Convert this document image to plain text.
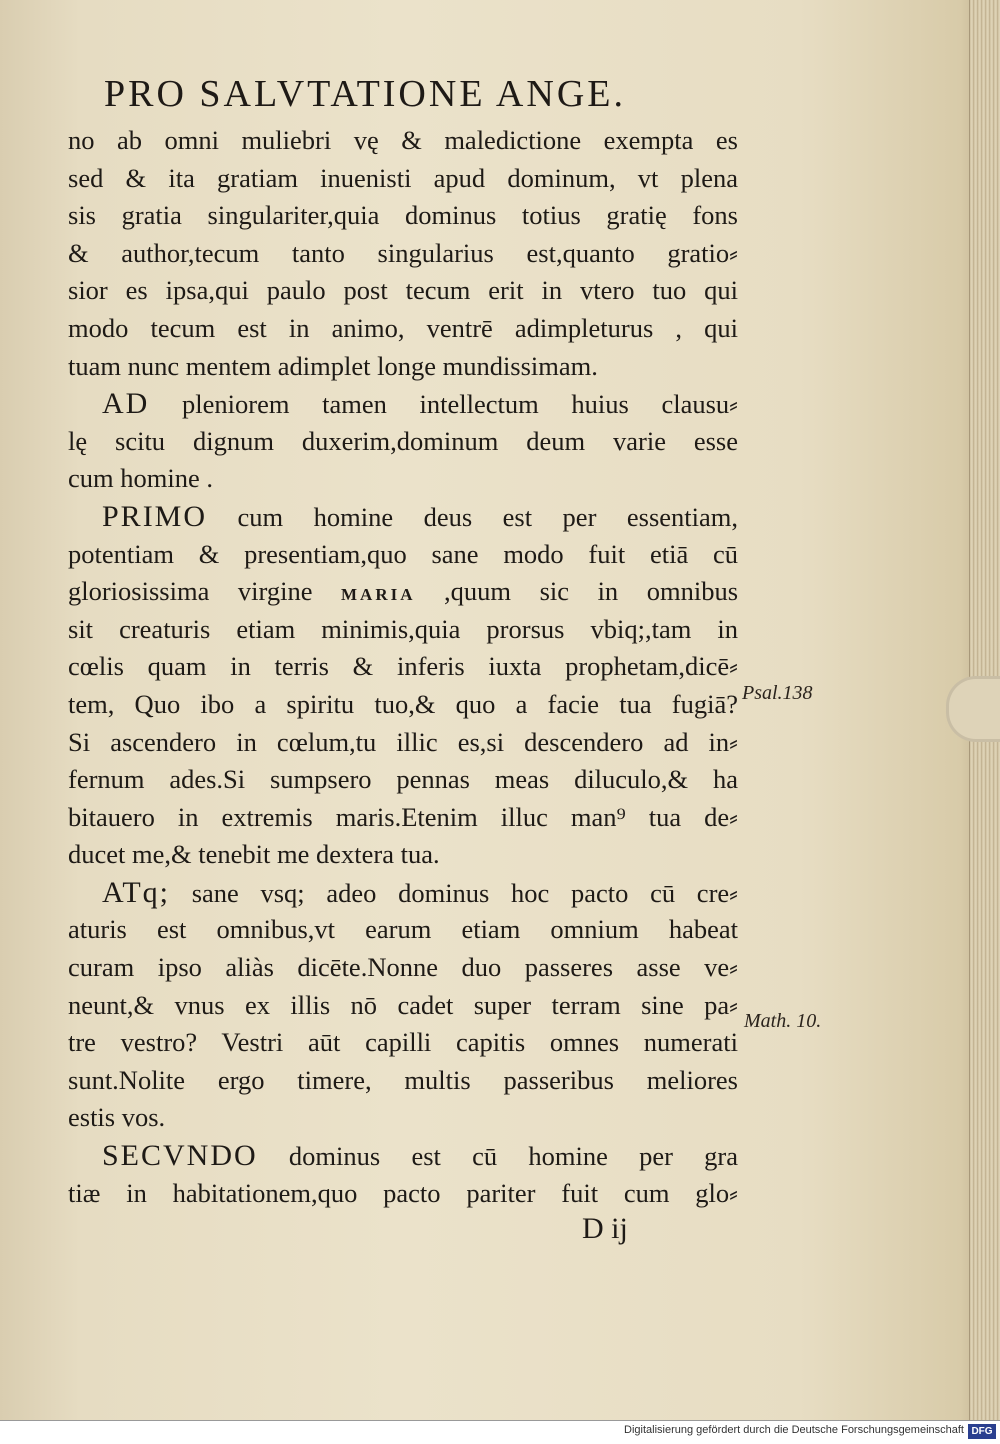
PRO SALVTATIONE ANGE.
no ab omni muliebri vę & maledictione exempta es
sed & ita gratiam inuenisti apud dominum, vt plena
sis gratia singulariter,quia dominus totius gratię fons
& author,tecum tanto singularius est,quanto gratio⸗
sior es ipsa,qui paulo post tecum erit in vtero tuo qui
modo tecum est in animo, ventrē adimpleturus , qui
tuam nunc mentem adimplet longe mundissimam.
AD pleniorem tamen intellectum huius clausu⸗
lę scitu dignum duxerim,dominum deum varie esse
cum homine .
PRIMO cum homine deus est per essentiam,
potentiam & presentiam,quo sane modo fuit etiā cū
gloriosissima virgine MARIA ,quum sic in omnibus
sit creaturis etiam minimis,quia prorsus vbiq;,tam in
cœlis quam in terris & inferis iuxta prophetam,dicē⸗
tem, Quo ibo a spiritu tuo,& quo a facie tua fugiā?
Si ascendero in cœlum,tu illic es,si descendero ad in⸗
fernum ades.Si sumpsero pennas meas diluculo,& ha
bitauero in extremis maris.Etenim illuc man⁹ tua de⸗
ducet me,& tenebit me dextera tua.
ATq; sane vsq; adeo dominus hoc pacto cū cre⸗
aturis est omnibus,vt earum etiam omnium habeat
curam ipso aliàs dicēte.Nonne duo passeres asse ve⸗
neunt,& vnus ex illis nō cadet super terram sine pa⸗
tre vestro? Vestri aūt capilli capitis omnes numerati
sunt.Nolite ergo timere, multis passeribus meliores
estis vos.
SECVNDO dominus est cū homine per gra
tiæ in habitationem,quo pacto pariter fuit cum glo⸗
Psal.138
Math. 10.
D ij
Digitalisierung gefördert durch die Deutsche Forschungsgemeinschaft DFG
